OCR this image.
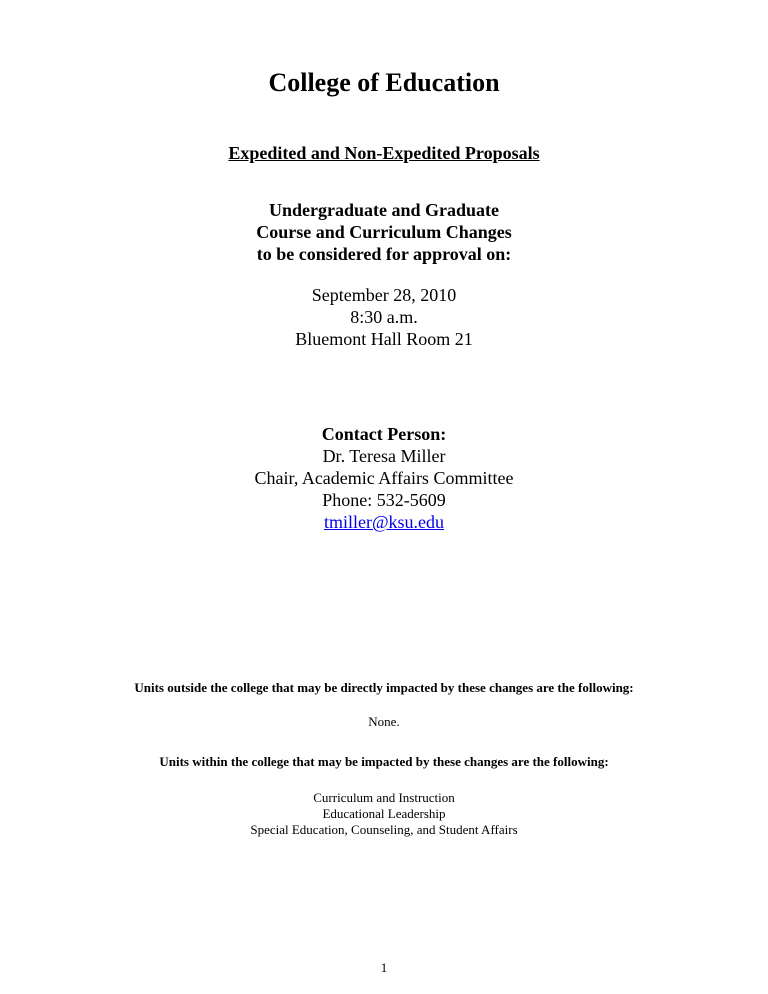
College of Education
Expedited and Non-Expedited Proposals
Undergraduate and Graduate
Course and Curriculum Changes
to be considered for approval on:
September 28, 2010
8:30 a.m.
Bluemont Hall Room 21
Contact Person:
Dr. Teresa Miller
Chair, Academic Affairs Committee
Phone: 532-5609
tmiller@ksu.edu
Units outside the college that may be directly impacted by these changes are the following:
None.
Units within the college that may be impacted by these changes are the following:
Curriculum and Instruction
Educational Leadership
Special Education, Counseling, and Student Affairs
1
